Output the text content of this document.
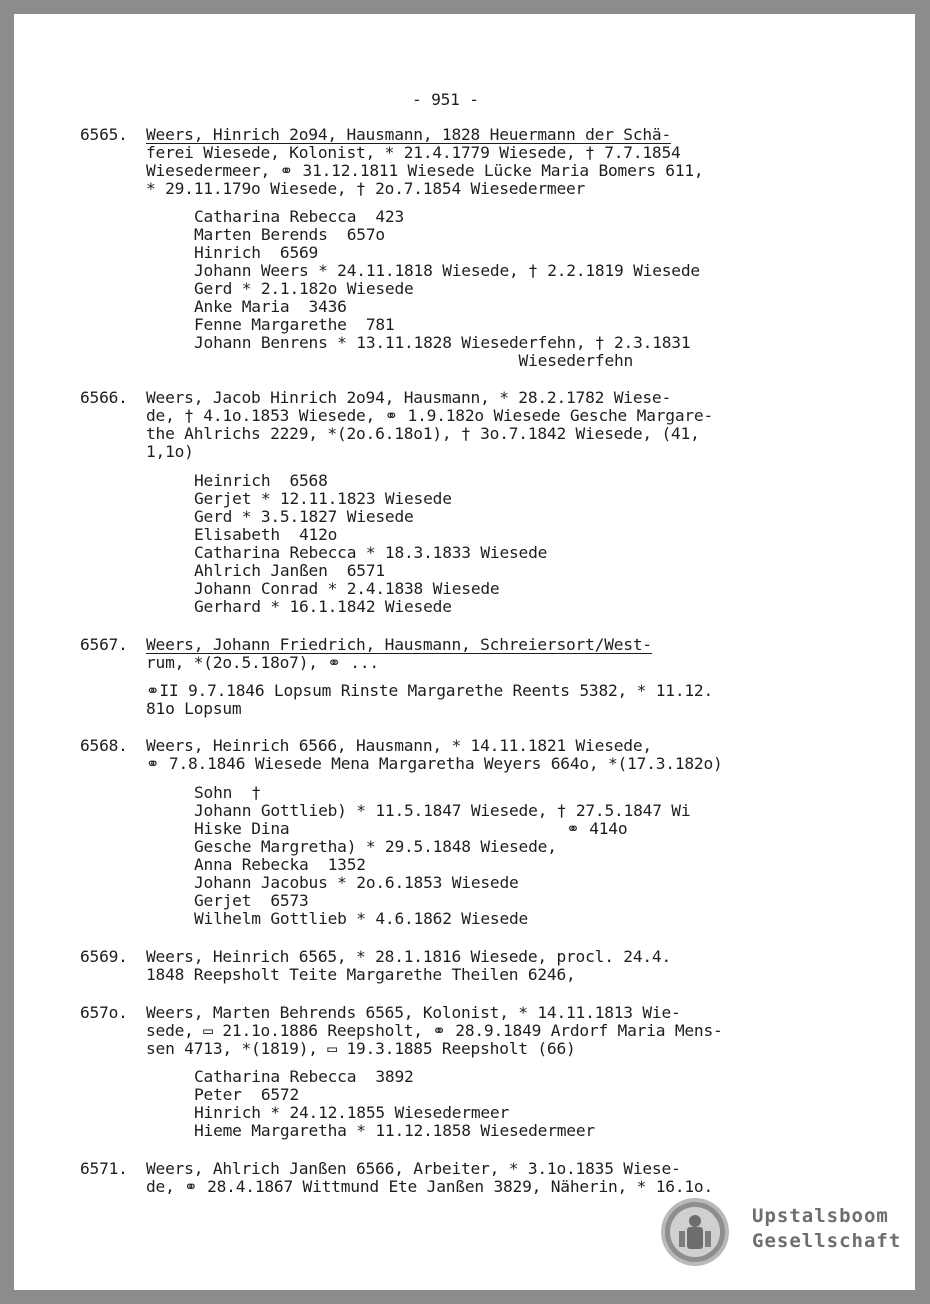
- 951 -
6565. Weers, Hinrich 2o94, Hausmann, 1828 Heuermann der Schä-
ferei Wiesede, Kolonist, * 21.4.1779 Wiesede, † 7.7.1854
Wiesedermeer, ⚭ 31.12.1811 Wiesede Lücke Maria Bomers 611,
* 29.11.179o Wiesede, † 2o.7.1854 Wiesedermeer
Catharina Rebecca  423
Marten Berends  657o
Hinrich  6569
Johann Weers * 24.11.1818 Wiesede, † 2.2.1819 Wiesede
Gerd * 2.1.182o Wiesede
Anke Maria  3436
Fenne Margarethe  781
Johann Benrens * 13.11.1828 Wiesederfehn, † 2.3.1831
Wiesederfehn
6566. Weers, Jacob Hinrich 2o94, Hausmann, * 28.2.1782 Wiese-
de, † 4.1o.1853 Wiesede, ⚭ 1.9.182o Wiesede Gesche Margare-
the Ahlrichs 2229, *(2o.6.18o1), † 3o.7.1842 Wiesede, (41,
1,1o)
Heinrich  6568
Gerjet * 12.11.1823 Wiesede
Gerd * 3.5.1827 Wiesede
Elisabeth  412o
Catharina Rebecca * 18.3.1833 Wiesede
Ahlrich Janßen  6571
Johann Conrad * 2.4.1838 Wiesede
Gerhard * 16.1.1842 Wiesede
6567. Weers, Johann Friedrich, Hausmann, Schreiersort/West-
rum, *(2o.5.18o7), ⚭ ...
⚭II 9.7.1846 Lopsum Rinste Margarethe Reents 5382, * 11.12.
81o Lopsum
6568. Weers, Heinrich 6566, Hausmann, * 14.11.1821 Wiesede,
⚭ 7.8.1846 Wiesede Mena Margaretha Weyers 664o, *(17.3.182o)
Sohn  †
Johann Gottlieb) * 11.5.1847 Wiesede, † 27.5.1847 Wi
Hiske Dina                             ⚭ 414o
Gesche Margretha) * 29.5.1848 Wiesede,
Anna Rebecka  1352
Johann Jacobus * 2o.6.1853 Wiesede
Gerjet  6573
Wilhelm Gottlieb * 4.6.1862 Wiesede
6569. Weers, Heinrich 6565, * 28.1.1816 Wiesede, procl. 24.4.
1848 Reepsholt Teite Margarethe Theilen 6246,
657o. Weers, Marten Behrends 6565, Kolonist, * 14.11.1813 Wie-
sede, ▭ 21.1o.1886 Reepsholt, ⚭ 28.9.1849 Ardorf Maria Mens-
sen 4713, *(1819), ▭ 19.3.1885 Reepsholt (66)
Catharina Rebecca  3892
Peter  6572
Hinrich * 24.12.1855 Wiesedermeer
Hieme Margaretha * 11.12.1858 Wiesedermeer
6571. Weers, Ahlrich Janßen 6566, Arbeiter, * 3.1o.1835 Wiese-
de, ⚭ 28.4.1867 Wittmund Ete Janßen 3829, Näherin, * 16.1o.
Upstalsboom
Gesellschaft
